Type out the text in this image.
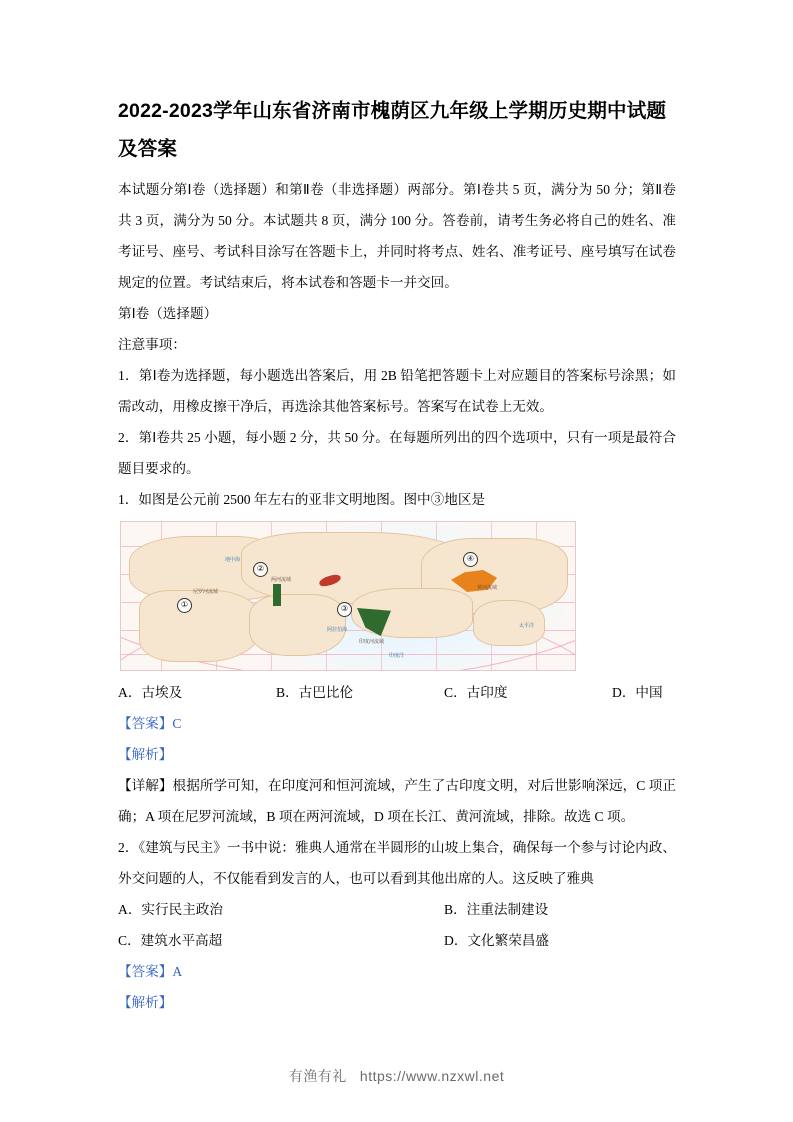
2022-2023学年山东省济南市槐荫区九年级上学期历史期中试题及答案

本试题分第Ⅰ卷（选择题）和第Ⅱ卷（非选择题）两部分。第Ⅰ卷共 5 页，满分为 50 分；第Ⅱ卷共 3 页，满分为 50 分。本试题共 8 页，满分 100 分。答卷前，请考生务必将自己的姓名、准考证号、座号、考试科目涂写在答题卡上，并同时将考点、姓名、准考证号、座号填写在试卷规定的位置。考试结束后，将本试卷和答题卡一并交回。

第Ⅰ卷（选择题）

注意事项：

1．第Ⅰ卷为选择题，每小题选出答案后，用 2B 铅笔把答题卡上对应题目的答案标号涂黑；如需改动，用橡皮擦干净后，再选涂其他答案标号。答案写在试卷上无效。

2．第Ⅰ卷共 25 小题，每小题 2 分，共 50 分。在每题所列出的四个选项中，只有一项是最符合题目要求的。

1．如图是公元前 2500 年左右的亚非文明地图。图中③地区是

①
②
③
④
尼罗河流域
两河流域
印度河流域
黄河流域
地中海
阿拉伯海
太平洋
印度洋
A．古埃及	B．古巴比伦	C．古印度	D．中国

【答案】C

【解析】

【详解】根据所学可知，在印度河和恒河流域，产生了古印度文明，对后世影响深远，C 项正确；A 项在尼罗河流域，B 项在两河流域，D 项在长江、黄河流域，排除。故选 C 项。

2．《建筑与民主》一书中说：雅典人通常在半圆形的山坡上集合，确保每一个参与讨论内政、外交问题的人，不仅能看到发言的人，也可以看到其他出席的人。这反映了雅典

A．实行民主政治	B．注重法制建设
C．建筑水平高超	D．文化繁荣昌盛

【答案】A

【解析】

有渔有礼 https://www.nzxwl.net
